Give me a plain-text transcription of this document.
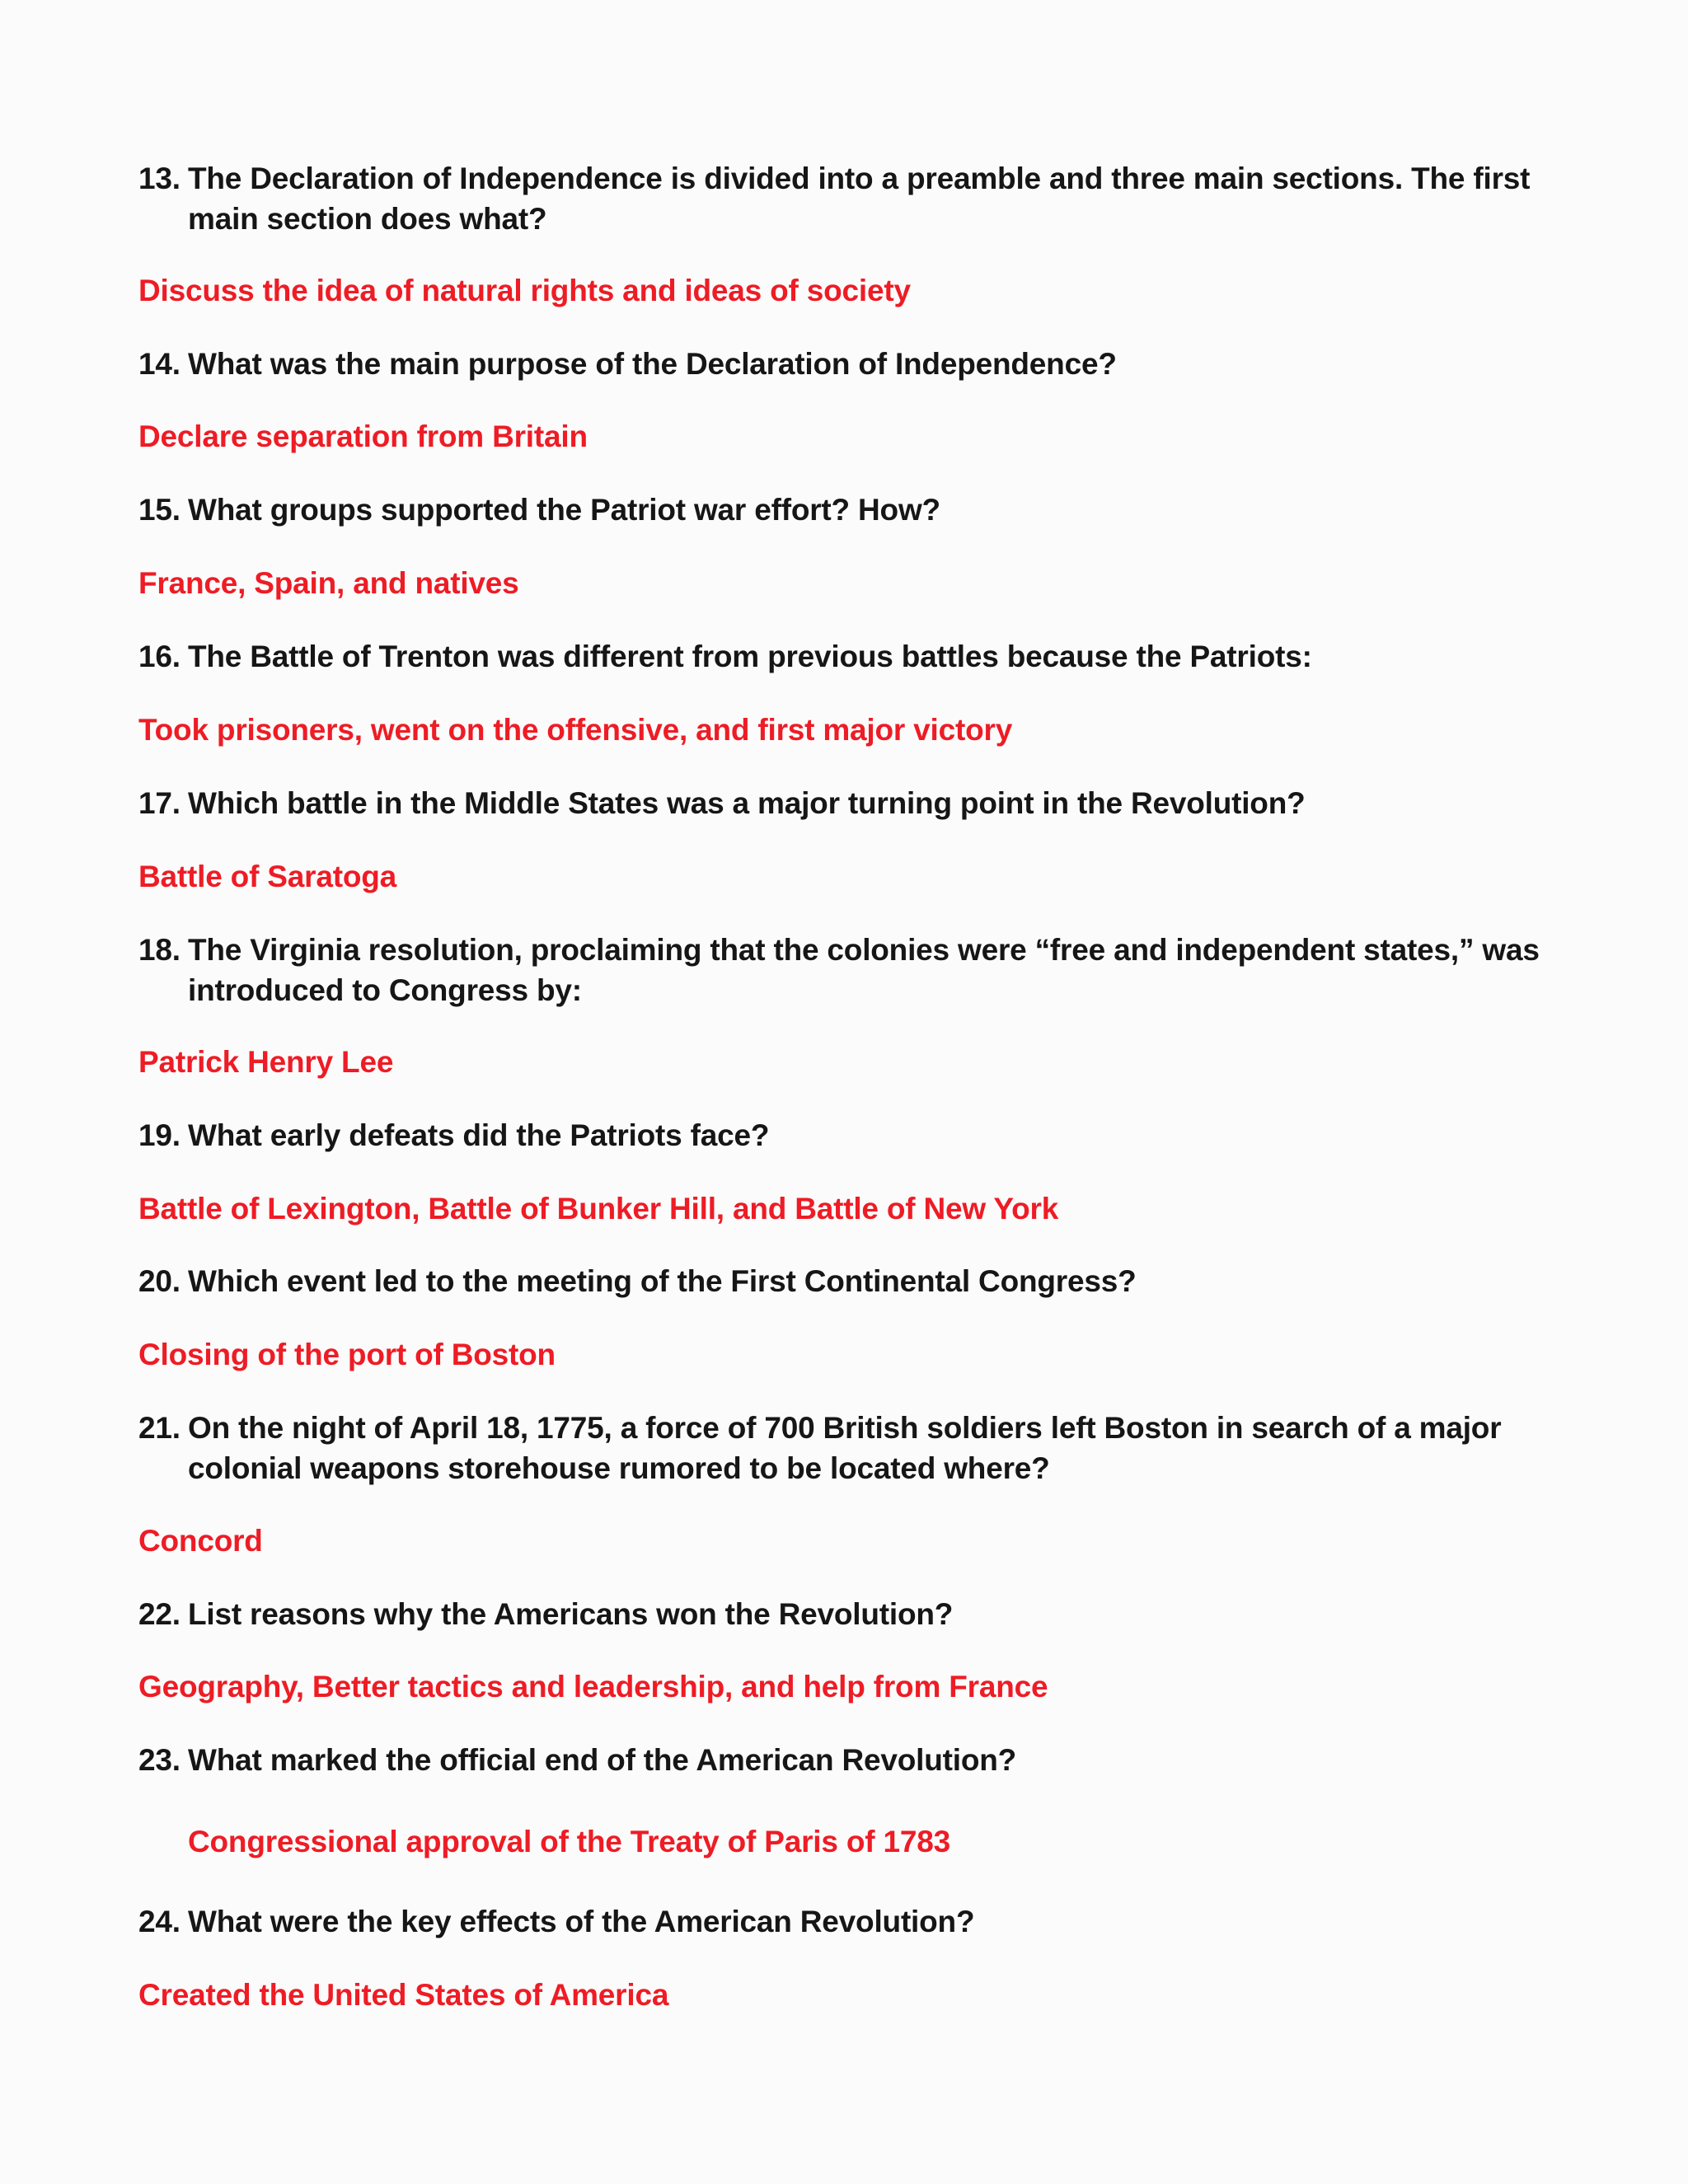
13. The Declaration of Independence is divided into a preamble and three main sections. The first main section does what?
Discuss the idea of natural rights and ideas of society
14. What was the main purpose of the Declaration of Independence?
Declare separation from Britain
15. What groups supported the Patriot war effort? How?
France, Spain, and natives
16. The Battle of Trenton was different from previous battles because the Patriots:
Took prisoners, went on the offensive, and first major victory
17. Which battle in the Middle States was a major turning point in the Revolution?
Battle of Saratoga
18. The Virginia resolution, proclaiming that the colonies were “free and independent states,” was introduced to Congress by:
Patrick Henry Lee
19. What early defeats did the Patriots face?
Battle of Lexington, Battle of Bunker Hill, and Battle of New York
20. Which event led to the meeting of the First Continental Congress?
Closing of the port of Boston
21. On the night of April 18, 1775, a force of 700 British soldiers left Boston in search of a major colonial weapons storehouse rumored to be located where?
Concord
22. List reasons why the Americans won the Revolution?
Geography, Better tactics and leadership, and help from France
23. What marked the official end of the American Revolution?
Congressional approval of the Treaty of Paris of 1783
24. What were the key effects of the American Revolution?
Created the United States of America
